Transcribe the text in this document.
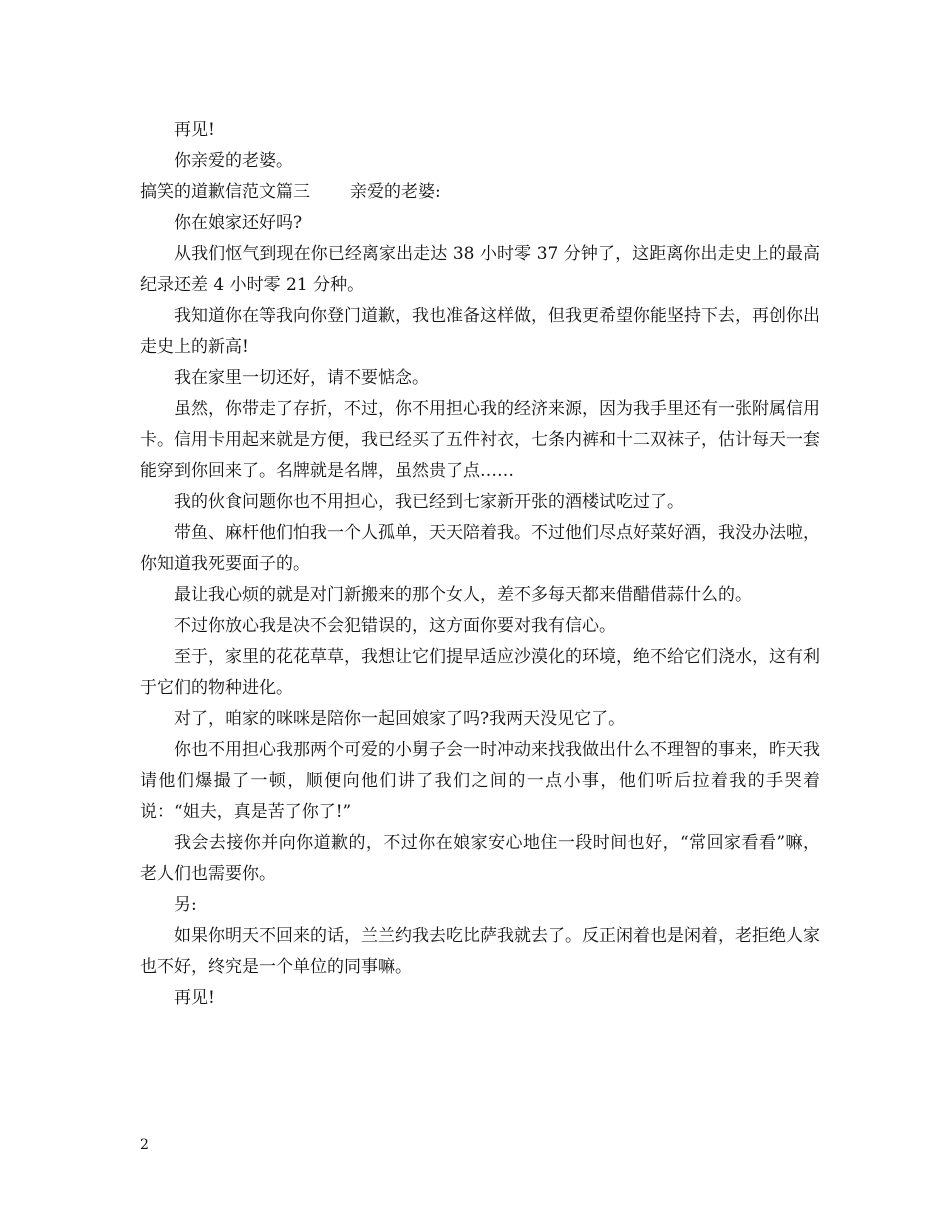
再见!

你亲爱的老婆。

搞笑的道歉信范文篇三 亲爱的老婆:

你在娘家还好吗?

从我们怄气到现在你已经离家出走达 38 小时零 37 分钟了，这距离你出走史上的最高纪录还差 4 小时零 21 分种。

我知道你在等我向你登门道歉，我也准备这样做，但我更希望你能坚持下去，再创你出走史上的新高!

我在家里一切还好，请不要惦念。

虽然，你带走了存折，不过，你不用担心我的经济来源，因为我手里还有一张附属信用卡。信用卡用起来就是方便，我已经买了五件衬衣，七条内裤和十二双袜子，估计每天一套能穿到你回来了。名牌就是名牌，虽然贵了点……

我的伙食问题你也不用担心，我已经到七家新开张的酒楼试吃过了。

带鱼、麻杆他们怕我一个人孤单，天天陪着我。不过他们尽点好菜好酒，我没办法啦，你知道我死要面子的。

最让我心烦的就是对门新搬来的那个女人，差不多每天都来借醋借蒜什么的。

不过你放心我是决不会犯错误的，这方面你要对我有信心。

至于，家里的花花草草，我想让它们提早适应沙漠化的环境，绝不给它们浇水，这有利于它们的物种进化。

对了，咱家的咪咪是陪你一起回娘家了吗?我两天没见它了。

你也不用担心我那两个可爱的小舅子会一时冲动来找我做出什么不理智的事来，昨天我请他们爆撮了一顿，顺便向他们讲了我们之间的一点小事，他们听后拉着我的手哭着说：“姐夫，真是苦了你了!”

我会去接你并向你道歉的，不过你在娘家安心地住一段时间也好，“常回家看看”嘛，老人们也需要你。

另:

如果你明天不回来的话，兰兰约我去吃比萨我就去了。反正闲着也是闲着，老拒绝人家也不好，终究是一个单位的同事嘛。

再见!

2
